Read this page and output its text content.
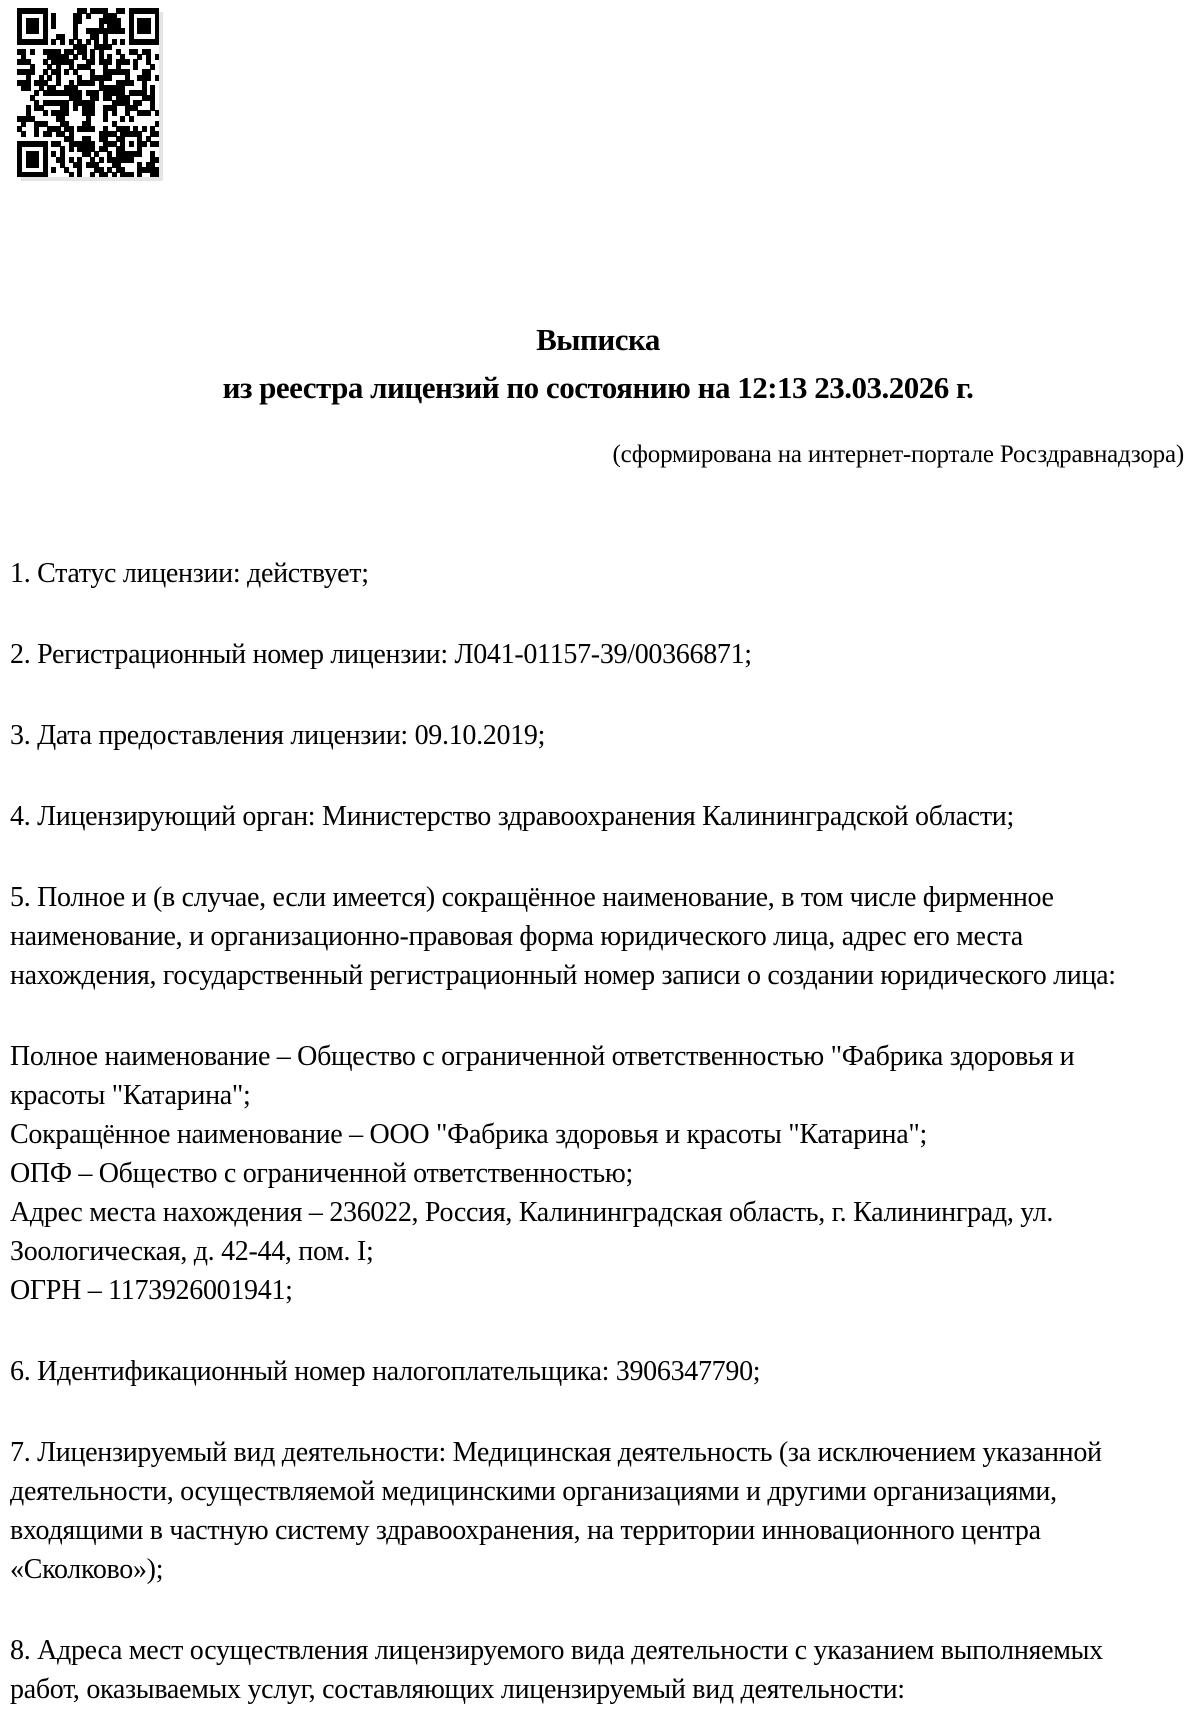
Выписка
из реестра лицензий по состоянию на 12:13 23.03.2026 г.
(сформирована на интернет-портале Росздравнадзора)
1. Статус лицензии: действует;
2. Регистрационный номер лицензии: Л041-01157-39/00366871;
3. Дата предоставления лицензии: 09.10.2019;
4. Лицензирующий орган: Министерство здравоохранения Калининградской области;
5. Полное и (в случае, если имеется) сокращённое наименование, в том числе фирменное
наименование, и организационно-правовая форма юридического лица, адрес его места
нахождения, государственный регистрационный номер записи о создании юридического лица:
Полное наименование – Общество с ограниченной ответственностью "Фабрика здоровья и
красоты "Катарина";
Сокращённое наименование – ООО "Фабрика здоровья и красоты "Катарина";
ОПФ – Общество с ограниченной ответственностью;
Адрес места нахождения – 236022, Россия, Калининградская область, г. Калининград, ул.
Зоологическая, д. 42-44, пом. I;
ОГРН – 1173926001941;
6. Идентификационный номер налогоплательщика: 3906347790;
7. Лицензируемый вид деятельности: Медицинская деятельность (за исключением указанной
деятельности, осуществляемой медицинскими организациями и другими организациями,
входящими в частную систему здравоохранения, на территории инновационного центра
«Сколково»);
8. Адреса мест осуществления лицензируемого вида деятельности с указанием выполняемых
работ, оказываемых услуг, составляющих лицензируемый вид деятельности:
